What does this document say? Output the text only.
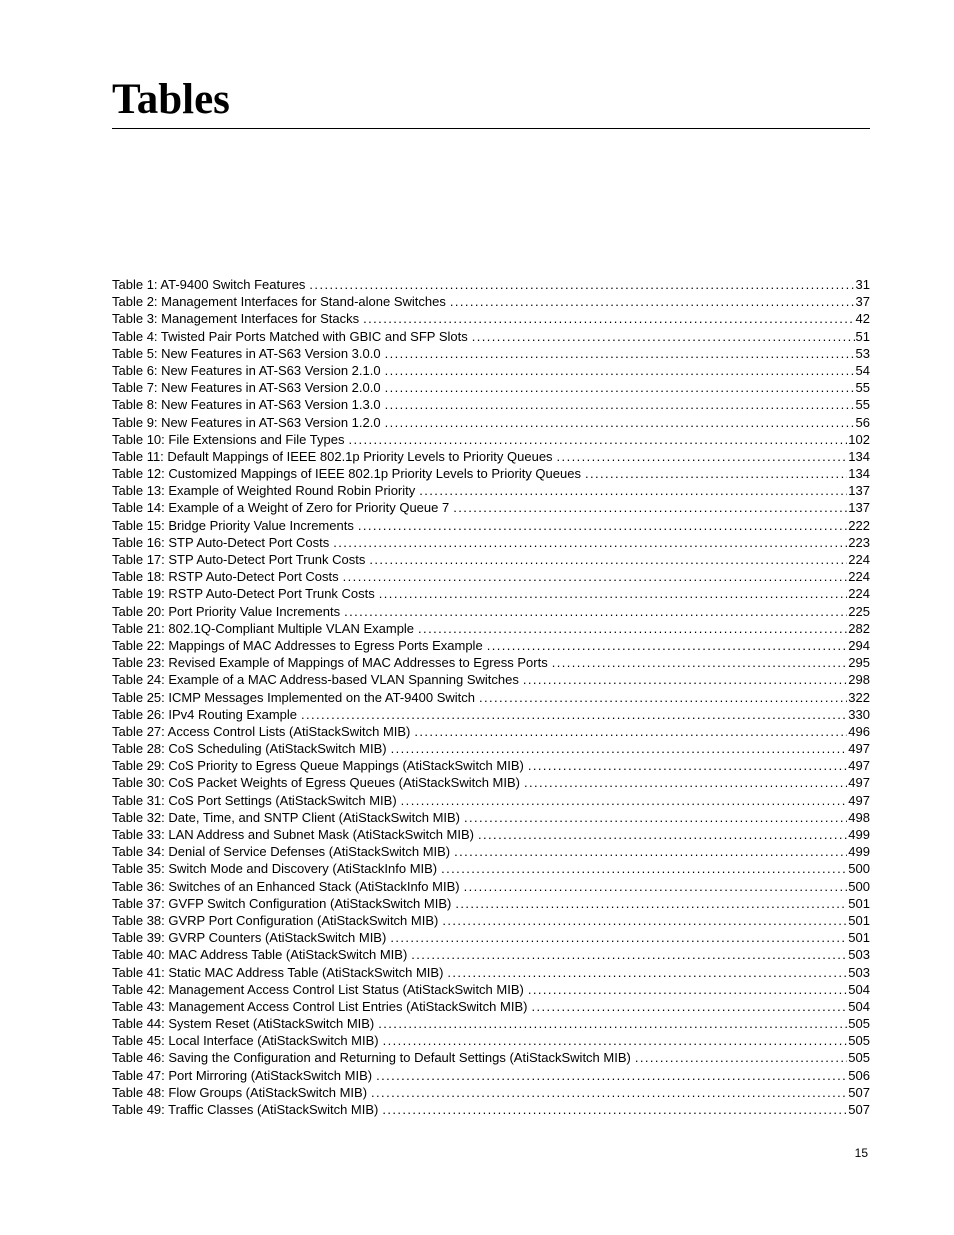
Tables
Table 1: AT-9400 Switch Features .....	31
Table 2: Management Interfaces for Stand-alone Switches .....	37
Table 3: Management Interfaces for Stacks .....	42
Table 4: Twisted Pair Ports Matched with GBIC and SFP Slots .....	51
Table 5: New Features in AT-S63 Version 3.0.0 .....	53
Table 6: New Features in AT-S63 Version 2.1.0 .....	54
Table 7: New Features in AT-S63 Version 2.0.0 .....	55
Table 8: New Features in AT-S63 Version 1.3.0 .....	55
Table 9: New Features in AT-S63 Version 1.2.0 .....	56
Table 10: File Extensions and File Types .....	102
Table 11: Default Mappings of IEEE 802.1p Priority Levels to Priority Queues .....	134
Table 12: Customized Mappings of IEEE 802.1p Priority Levels to Priority Queues .....	134
Table 13: Example of Weighted Round Robin Priority .....	137
Table 14: Example of a Weight of Zero for Priority Queue 7 .....	137
Table 15: Bridge Priority Value Increments .....	222
Table 16: STP Auto-Detect Port Costs .....	223
Table 17: STP Auto-Detect Port Trunk Costs .....	224
Table 18: RSTP Auto-Detect Port Costs .....	224
Table 19: RSTP Auto-Detect Port Trunk Costs .....	224
Table 20: Port Priority Value Increments .....	225
Table 21: 802.1Q-Compliant Multiple VLAN Example .....	282
Table 22: Mappings of MAC Addresses to Egress Ports Example .....	294
Table 23: Revised Example of Mappings of MAC Addresses to Egress Ports .....	295
Table 24: Example of a MAC Address-based VLAN Spanning Switches .....	298
Table 25: ICMP Messages Implemented on the AT-9400 Switch .....	322
Table 26: IPv4 Routing Example .....	330
Table 27: Access Control Lists (AtiStackSwitch MIB) .....	496
Table 28: CoS Scheduling (AtiStackSwitch MIB) .....	497
Table 29: CoS Priority to Egress Queue Mappings (AtiStackSwitch MIB) .....	497
Table 30: CoS Packet Weights of Egress Queues (AtiStackSwitch MIB) .....	497
Table 31: CoS Port Settings (AtiStackSwitch MIB) .....	497
Table 32: Date, Time, and SNTP Client (AtiStackSwitch MIB) .....	498
Table 33: LAN Address and Subnet Mask (AtiStackSwitch MIB) .....	499
Table 34: Denial of Service Defenses (AtiStackSwitch MIB) .....	499
Table 35: Switch Mode and Discovery (AtiStackInfo MIB) .....	500
Table 36: Switches of an Enhanced Stack (AtiStackInfo MIB) .....	500
Table 37: GVFP Switch Configuration (AtiStackSwitch MIB) .....	501
Table 38: GVRP Port Configuration (AtiStackSwitch MIB) .....	501
Table 39: GVRP Counters (AtiStackSwitch MIB) .....	501
Table 40: MAC Address Table (AtiStackSwitch MIB) .....	503
Table 41: Static MAC Address Table (AtiStackSwitch MIB) .....	503
Table 42: Management Access Control List Status (AtiStackSwitch MIB) .....	504
Table 43: Management Access Control List Entries (AtiStackSwitch MIB) .....	504
Table 44: System Reset (AtiStackSwitch MIB) .....	505
Table 45: Local Interface (AtiStackSwitch MIB) .....	505
Table 46: Saving the Configuration and Returning to Default Settings (AtiStackSwitch MIB) .....	505
Table 47: Port Mirroring (AtiStackSwitch MIB) .....	506
Table 48: Flow Groups (AtiStackSwitch MIB) .....	507
Table 49: Traffic Classes (AtiStackSwitch MIB) .....	507
15
